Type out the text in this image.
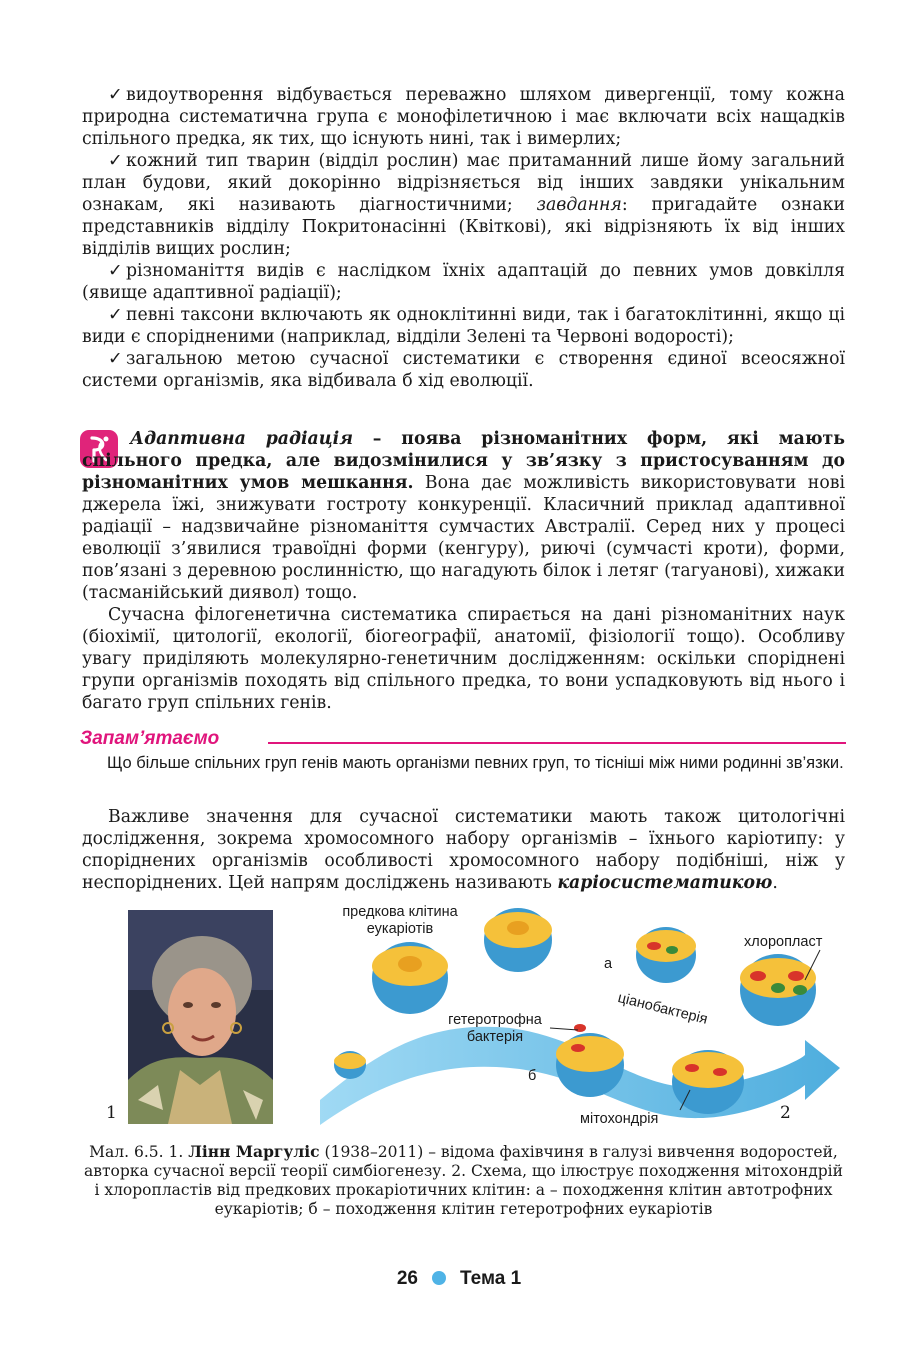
✓ видоутворення відбувається переважно шляхом дивергенції, тому кожна природна систематична група є монофілетичною і має включати всіх нащадків спільного предка, як тих, що існують нині, так і вимерлих;

✓ кожний тип тварин (відділ рослин) має притаманний лише йому загальний план будови, який докорінно відрізняється від інших завдяки унікальним ознакам, які називають діагностичними; завдання: пригадайте ознаки представників відділу Покритонасінні (Квіткові), які відрізняють їх від інших відділів вищих рослин;

✓ різноманіття видів є наслідком їхніх адаптацій до певних умов довкілля (явище адаптивної радіації);

✓ певні таксони включають як одноклітинні види, так і багатоклітинні, якщо ці види є спорідненими (наприклад, відділи Зелені та Червоні водорості);

✓ загальною метою сучасної систематики є створення єдиної всеосяжної системи організмів, яка відбивала б хід еволюції.

Адаптивна радіація – поява різноманітних форм, які мають спільного предка, але видозмінилися у зв’язку з пристосуванням до різноманітних умов мешкання. Вона дає можливість використовувати нові джерела їжі, знижувати гостроту конкуренції. Класичний приклад адаптивної радіації – надзвичайне різноманіття сумчастих Австралії. Серед них у процесі еволюції з’явилися травоїдні форми (кенгуру), риючі (сумчасті кроти), форми, пов’язані з деревною рослинністю, що нагадують білок і летяг (тагуанові), хижаки (тасманійський диявол) тощо.

Сучасна філогенетична систематика спирається на дані різноманітних наук (біохімії, цитології, екології, біогеографії, анатомії, фізіології тощо). Особливу увагу приділяють молекулярно-генетичним дослідженням: оскільки споріднені групи організмів походять від спільного предка, то вони успадковують від нього і багато груп спільних генів.

Запам’ятаємо
Що більше спільних груп генів мають організми певних груп, то тісніші між ними родинні зв’язки.

Важливе значення для сучасної систематики мають також цитологічні дослідження, зокрема хромосомного набору організмів – їхнього каріотипу: у споріднених організмів особливості хромосомного набору подібніші, ніж у неспоріднених. Цей напрям досліджень називають каріосистематикою.

1
предкова клітина
еукаріотів
а
хлоропласт
ціанобактерія
гетеротрофна
бактерія
б
мітохондрія	2
Мал. 6.5. 1. Лінн Маргуліс (1938–2011) – відома фахівчиня в галузі вивчення водоростей, авторка сучасної версії теорії симбіогенезу. 2. Схема, що ілюструє походження мітохондрій і хлоропластів від предкових прокаріотичних клітин: а – походження клітин автотрофних еукаріотів; б – походження клітин гетеротрофних еукаріотів
26 Тема 1
